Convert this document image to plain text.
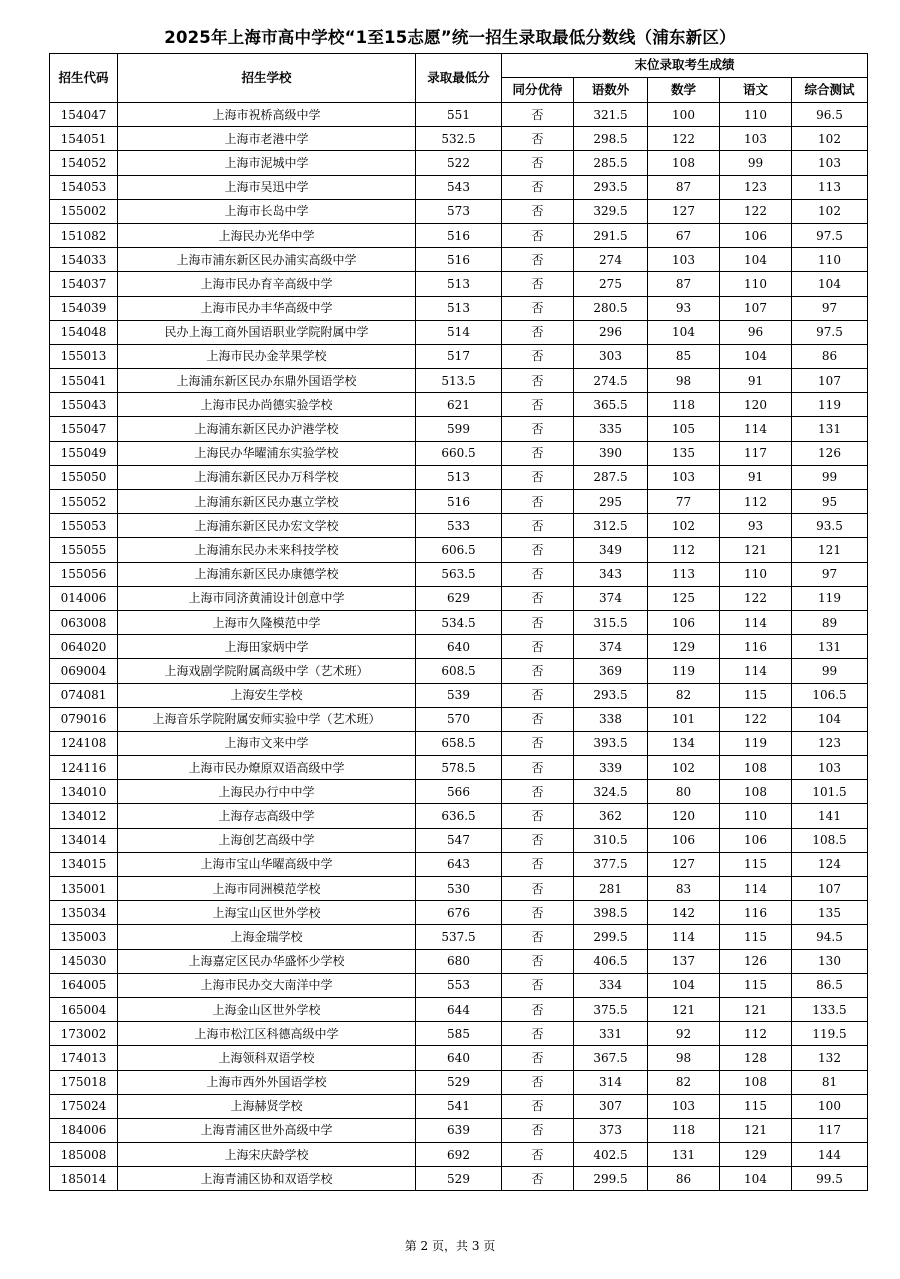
2025年上海市高中学校“1至15志愿”统一招生录取最低分数线（浦东新区）
招生代码	招生学校	录取最低分	末位录取考生成绩				
			同分优待	语数外	数学	语文	综合测试
154047	上海市祝桥高级中学	551	否	321.5	100	110	96.5
154051	上海市老港中学	532.5	否	298.5	122	103	102
154052	上海市泥城中学	522	否	285.5	108	99	103
154053	上海市吴迅中学	543	否	293.5	87	123	113
155002	上海市长岛中学	573	否	329.5	127	122	102
151082	上海民办光华中学	516	否	291.5	67	106	97.5
154033	上海市浦东新区民办浦实高级中学	516	否	274	103	104	110
154037	上海市民办育辛高级中学	513	否	275	87	110	104
154039	上海市民办丰华高级中学	513	否	280.5	93	107	97
154048	民办上海工商外国语职业学院附属中学	514	否	296	104	96	97.5
155013	上海市民办金苹果学校	517	否	303	85	104	86
155041	上海浦东新区民办东鼎外国语学校	513.5	否	274.5	98	91	107
155043	上海市民办尚德实验学校	621	否	365.5	118	120	119
155047	上海浦东新区民办沪港学校	599	否	335	105	114	131
155049	上海民办华曜浦东实验学校	660.5	否	390	135	117	126
155050	上海浦东新区民办万科学校	513	否	287.5	103	91	99
155052	上海浦东新区民办惠立学校	516	否	295	77	112	95
155053	上海浦东新区民办宏文学校	533	否	312.5	102	93	93.5
155055	上海浦东民办未来科技学校	606.5	否	349	112	121	121
155056	上海浦东新区民办康德学校	563.5	否	343	113	110	97
014006	上海市同济黄浦设计创意中学	629	否	374	125	122	119
063008	上海市久隆模范中学	534.5	否	315.5	106	114	89
064020	上海田家炳中学	640	否	374	129	116	131
069004	上海戏剧学院附属高级中学（艺术班）	608.5	否	369	119	114	99
074081	上海安生学校	539	否	293.5	82	115	106.5
079016	上海音乐学院附属安师实验中学（艺术班）	570	否	338	101	122	104
124108	上海市文来中学	658.5	否	393.5	134	119	123
124116	上海市民办燎原双语高级中学	578.5	否	339	102	108	103
134010	上海民办行中中学	566	否	324.5	80	108	101.5
134012	上海存志高级中学	636.5	否	362	120	110	141
134014	上海创艺高级中学	547	否	310.5	106	106	108.5
134015	上海市宝山华曜高级中学	643	否	377.5	127	115	124
135001	上海市同洲模范学校	530	否	281	83	114	107
135034	上海宝山区世外学校	676	否	398.5	142	116	135
135003	上海金瑞学校	537.5	否	299.5	114	115	94.5
145030	上海嘉定区民办华盛怀少学校	680	否	406.5	137	126	130
164005	上海市民办交大南洋中学	553	否	334	104	115	86.5
165004	上海金山区世外学校	644	否	375.5	121	121	133.5
173002	上海市松江区科德高级中学	585	否	331	92	112	119.5
174013	上海领科双语学校	640	否	367.5	98	128	132
175018	上海市西外外国语学校	529	否	314	82	108	81
175024	上海赫贤学校	541	否	307	103	115	100
184006	上海青浦区世外高级中学	639	否	373	118	121	117
185008	上海宋庆龄学校	692	否	402.5	131	129	144
185014	上海青浦区协和双语学校	529	否	299.5	86	104	99.5
第 2 页，共 3 页
